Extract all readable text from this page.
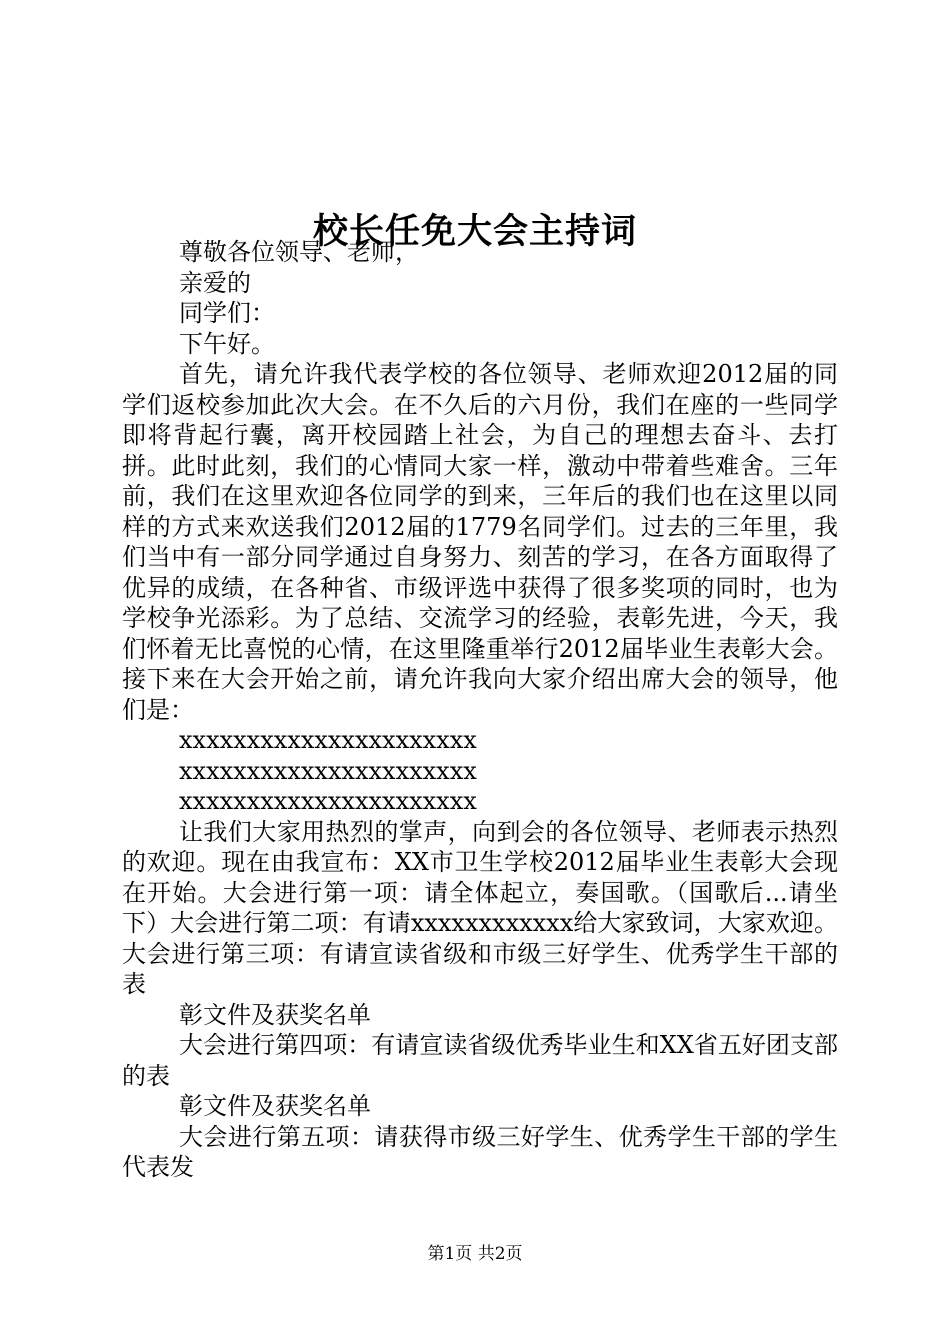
校长任免大会主持词

尊敬各位领导、老师，

亲爱的

同学们：

下午好。

首先，请允许我代表学校的各位领导、老师欢迎2012届的同学们返校参加此次大会。在不久后的六月份，我们在座的一些同学即将背起行囊，离开校园踏上社会，为自己的理想去奋斗、去打拼。此时此刻，我们的心情同大家一样，激动中带着些难舍。三年前，我们在这里欢迎各位同学的到来，三年后的我们也在这里以同样的方式来欢送我们2012届的1779名同学们。过去的三年里，我们当中有一部分同学通过自身努力、刻苦的学习，在各方面取得了优异的成绩，在各种省、市级评选中获得了很多奖项的同时，也为学校争光添彩。为了总结、交流学习的经验，表彰先进，今天，我们怀着无比喜悦的心情，在这里隆重举行2012届毕业生表彰大会。接下来在大会开始之前，请允许我向大家介绍出席大会的领导，他们是：

xxxxxxxxxxxxxxxxxxxxxx

xxxxxxxxxxxxxxxxxxxxxx

xxxxxxxxxxxxxxxxxxxxxx

让我们大家用热烈的掌声，向到会的各位领导、老师表示热烈的欢迎。现在由我宣布：XX市卫生学校2012届毕业生表彰大会现在开始。大会进行第一项：请全体起立，奏国歌。（国歌后...请坐下）大会进行第二项：有请xxxxxxxxxxxx给大家致词，大家欢迎。大会进行第三项：有请宣读省级和市级三好学生、优秀学生干部的表

彰文件及获奖名单

大会进行第四项：有请宣读省级优秀毕业生和XX省五好团支部的表

彰文件及获奖名单

大会进行第五项：请获得市级三好学生、优秀学生干部的学生代表发

第1页 共2页
